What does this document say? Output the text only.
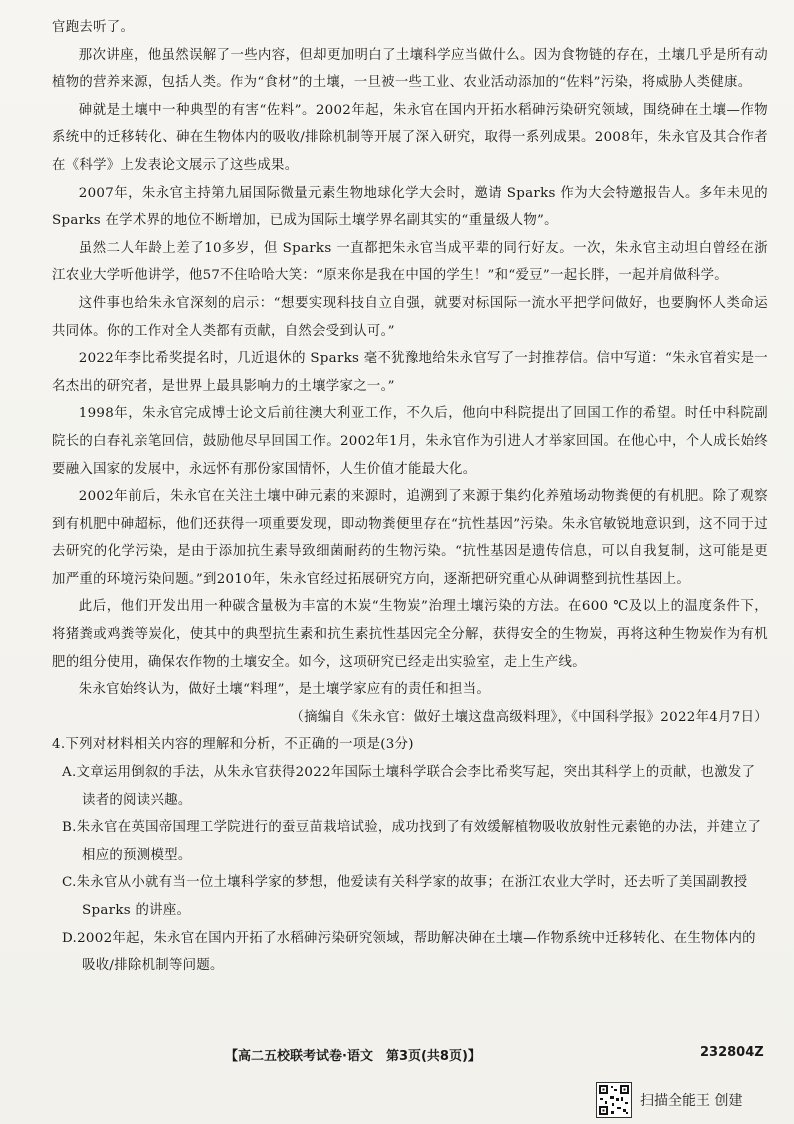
官跑去听了。

那次讲座，他虽然误解了一些内容，但却更加明白了土壤科学应当做什么。因为食物链的存在，土壤几乎是所有动植物的营养来源，包括人类。作为“食材”的土壤，一旦被一些工业、农业活动添加的“佐料”污染，将威胁人类健康。

砷就是土壤中一种典型的有害“佐料”。2002年起，朱永官在国内开拓水稻砷污染研究领域，围绕砷在土壤—作物系统中的迁移转化、砷在生物体内的吸收/排除机制等开展了深入研究，取得一系列成果。2008年，朱永官及其合作者在《科学》上发表论文展示了这些成果。

2007年，朱永官主持第九届国际微量元素生物地球化学大会时，邀请 Sparks 作为大会特邀报告人。多年未见的 Sparks 在学术界的地位不断增加，已成为国际土壤学界名副其实的“重量级人物”。

虽然二人年龄上差了10多岁，但 Sparks 一直都把朱永官当成平辈的同行好友。一次，朱永官主动坦白曾经在浙江农业大学听他讲学，他57不住哈哈大笑：“原来你是我在中国的学生！”和“爱豆”一起长胖，一起并肩做科学。

这件事也给朱永官深刻的启示：“想要实现科技自立自强，就要对标国际一流水平把学问做好，也要胸怀人类命运共同体。你的工作对全人类都有贡献，自然会受到认可。”

2022年李比希奖提名时，几近退休的 Sparks 毫不犹豫地给朱永官写了一封推荐信。信中写道：“朱永官着实是一名杰出的研究者，是世界上最具影响力的土壤学家之一。”

1998年，朱永官完成博士论文后前往澳大利亚工作，不久后，他向中科院提出了回国工作的希望。时任中科院副院长的白春礼亲笔回信，鼓励他尽早回国工作。2002年1月，朱永官作为引进人才举家回国。在他心中，个人成长始终要融入国家的发展中，永远怀有那份家国情怀，人生价值才能最大化。

2002年前后，朱永官在关注土壤中砷元素的来源时，追溯到了来源于集约化养殖场动物粪便的有机肥。除了观察到有机肥中砷超标，他们还获得一项重要发现，即动物粪便里存在“抗性基因”污染。朱永官敏锐地意识到，这不同于过去研究的化学污染，是由于添加抗生素导致细菌耐药的生物污染。“抗性基因是遗传信息，可以自我复制，这可能是更加严重的环境污染问题。”到2010年，朱永官经过拓展研究方向，逐渐把研究重心从砷调整到抗性基因上。

此后，他们开发出用一种碳含量极为丰富的木炭“生物炭”治理土壤污染的方法。在600 ℃及以上的温度条件下，将猪粪或鸡粪等炭化，使其中的典型抗生素和抗生素抗性基因完全分解，获得安全的生物炭，再将这种生物炭作为有机肥的组分使用，确保农作物的土壤安全。如今，这项研究已经走出实验室，走上生产线。

朱永官始终认为，做好土壤“料理”，是土壤学家应有的责任和担当。

（摘编自《朱永官：做好土壤这盘高级料理》，《中国科学报》2022年4月7日）

4.下列对材料相关内容的理解和分析，不正确的一项是(3分)

A.文章运用倒叙的手法，从朱永官获得2022年国际土壤科学联合会李比希奖写起，突出其科学上的贡献，也激发了读者的阅读兴趣。

B.朱永官在英国帝国理工学院进行的蚕豆苗栽培试验，成功找到了有效缓解植物吸收放射性元素铯的办法，并建立了相应的预测模型。

C.朱永官从小就有当一位土壤科学家的梦想，他爱读有关科学家的故事；在浙江农业大学时，还去听了美国副教授 Sparks 的讲座。

D.2002年起，朱永官在国内开拓了水稻砷污染研究领域，帮助解决砷在土壤—作物系统中迁移转化、在生物体内的吸收/排除机制等问题。

【高二五校联考试卷·语文　第3页(共8页)】	232804Z
扫描全能王 创建
